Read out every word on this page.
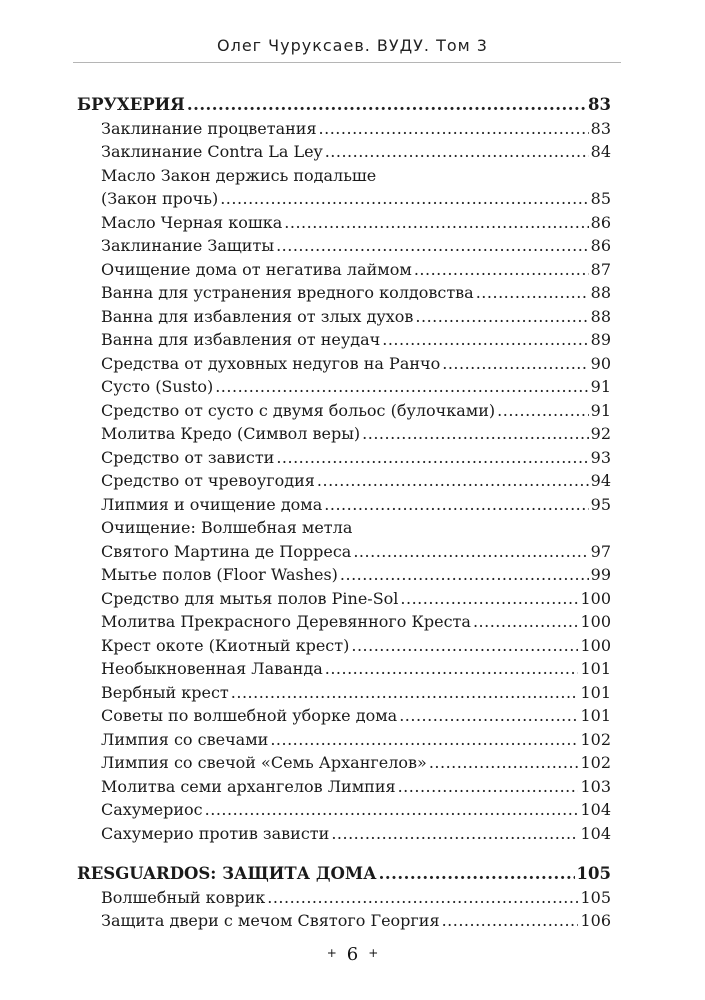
Олег Чуруксаев. ВУДУ. Том 3
БРУХЕРИЯ .....	83
Заклинание процветания .....	83
Заклинание Contra La Ley .....	84
Масло Закон держись подальше
(Закон прочь) .....	85
Масло Черная кошка .....	86
Заклинание Защиты .....	86
Очищение дома от негатива лаймом .....	87
Ванна для устранения вредного колдовства .....	88
Ванна для избавления от злых духов .....	88
Ванна для избавления от неудач .....	89
Средства от духовных недугов на Ранчо .....	90
Сусто (Susto) .....	91
Средство от сусто с двумя больос (булочками) .....	91
Молитва Кредо (Символ веры) .....	92
Средство от зависти .....	93
Средство от чревоугодия .....	94
Липмия и очищение дома .....	95
Очищение: Волшебная метла
Святого Мартина де Порреса .....	97
Мытье полов (Floor Washes) .....	99
Средство для мытья полов Pine-Sol .....	100
Молитва Прекрасного Деревянного Креста .....	100
Крест окоте (Киотный крест) .....	100
Необыкновенная Лаванда .....	101
Вербный крест .....	101
Советы по волшебной уборке дома .....	101
Лимпия со свечами .....	102
Лимпия со свечой «Семь Архангелов» .....	102
Молитва семи архангелов Лимпия .....	103
Сахумериос .....	104
Сахумерио против зависти .....	104
RESGUARDOS: ЗАЩИТА ДОМА .....	105
Волшебный коврик .....	105
Защита двери с мечом Святого Георгия .....	106
+ 6 +
